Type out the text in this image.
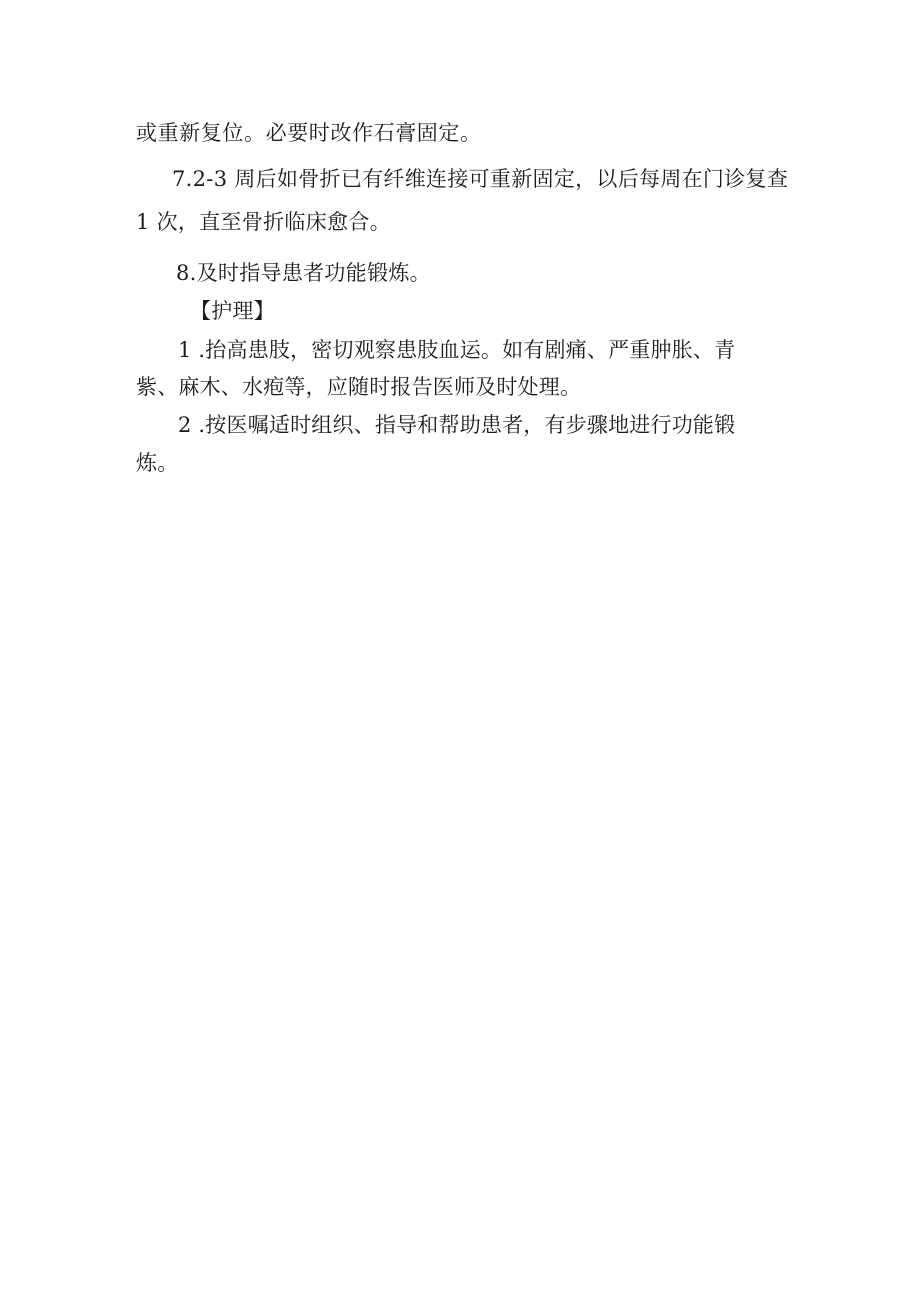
或重新复位。必要时改作石膏固定。
7.2-3 周后如骨折已有纤维连接可重新固定，以后每周在门诊复查
1 次，直至骨折临床愈合。
8.及时指导患者功能锻炼。
【护理】
1 .抬高患肢，密切观察患肢血运。如有剧痛、严重肿胀、青
紫、麻木、水疱等，应随时报告医师及时处理。
2 .按医嘱适时组织、指导和帮助患者，有步骤地进行功能锻
炼。
